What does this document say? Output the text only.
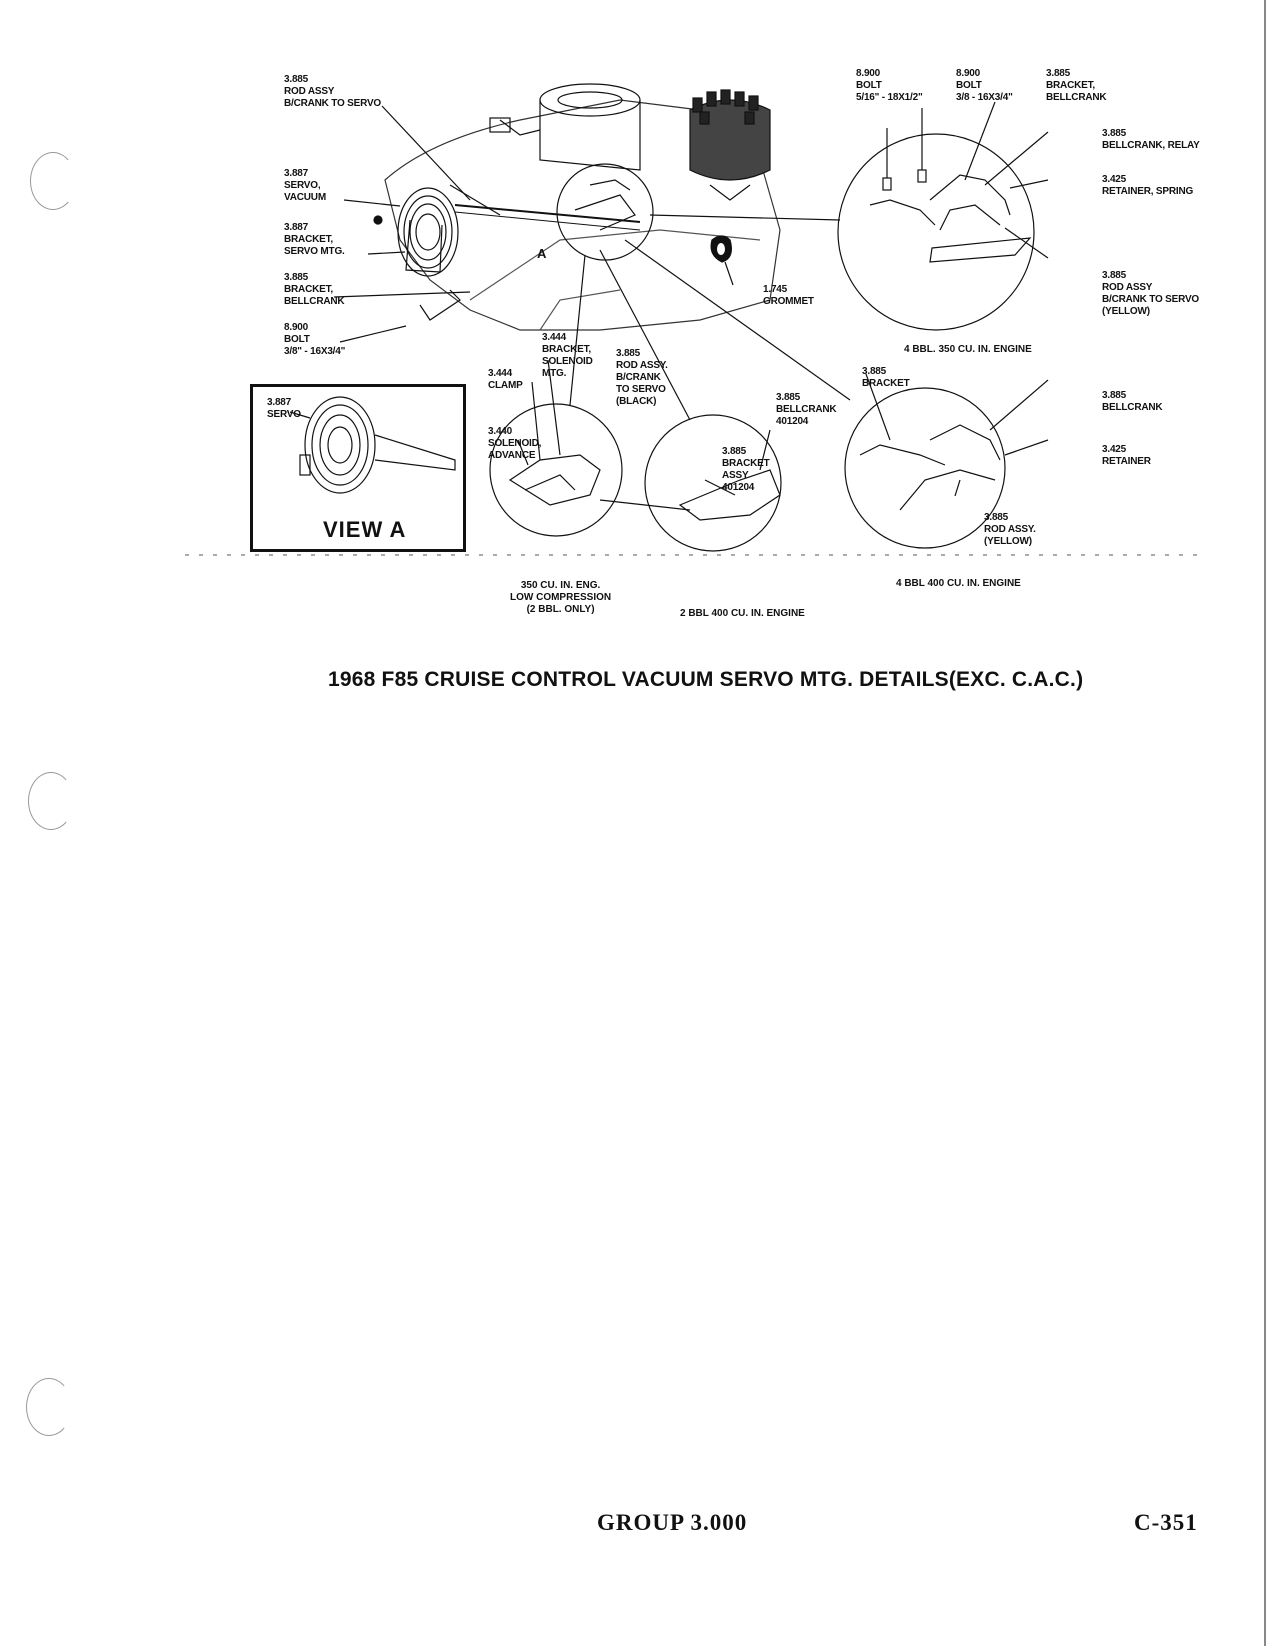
3.885
ROD ASSY
B/CRANK TO SERVO
3.887
SERVO,
VACUUM
3.887
BRACKET,
SERVO MTG.
3.885
BRACKET,
BELLCRANK
8.900
BOLT
3/8" - 16X3/4"
A
1.745
GROMMET
3.444
BRACKET,
SOLENOID
MTG.
3.885
ROD ASSY.
B/CRANK
TO SERVO
(BLACK)
3.444
CLAMP
3.440
SOLENOID,
ADVANCE	3.885
BRACKET
ASSY
401204
3.885
BELLCRANK
401204
8.900
BOLT
5/16" - 18X1/2"
8.900
BOLT
3/8 - 16X3/4"
3.885
BRACKET,
BELLCRANK
3.885
BELLCRANK, RELAY
3.425
RETAINER, SPRING
3.885
ROD ASSY
B/CRANK TO SERVO
(YELLOW)
3.885
BRACKET
3.885
BELLCRANK
3.425
RETAINER
3.885
ROD ASSY.
(YELLOW)
4 BBL. 350 CU. IN. ENGINE
350 CU. IN. ENG.
LOW COMPRESSION
(2 BBL. ONLY)	2 BBL 400 CU. IN. ENGINE
4 BBL 400 CU. IN. ENGINE
3.887
SERVO
VIEW A
1968 F85 CRUISE CONTROL VACUUM SERVO MTG. DETAILS(EXC. C.A.C.)
GROUP 3.000	C-351
